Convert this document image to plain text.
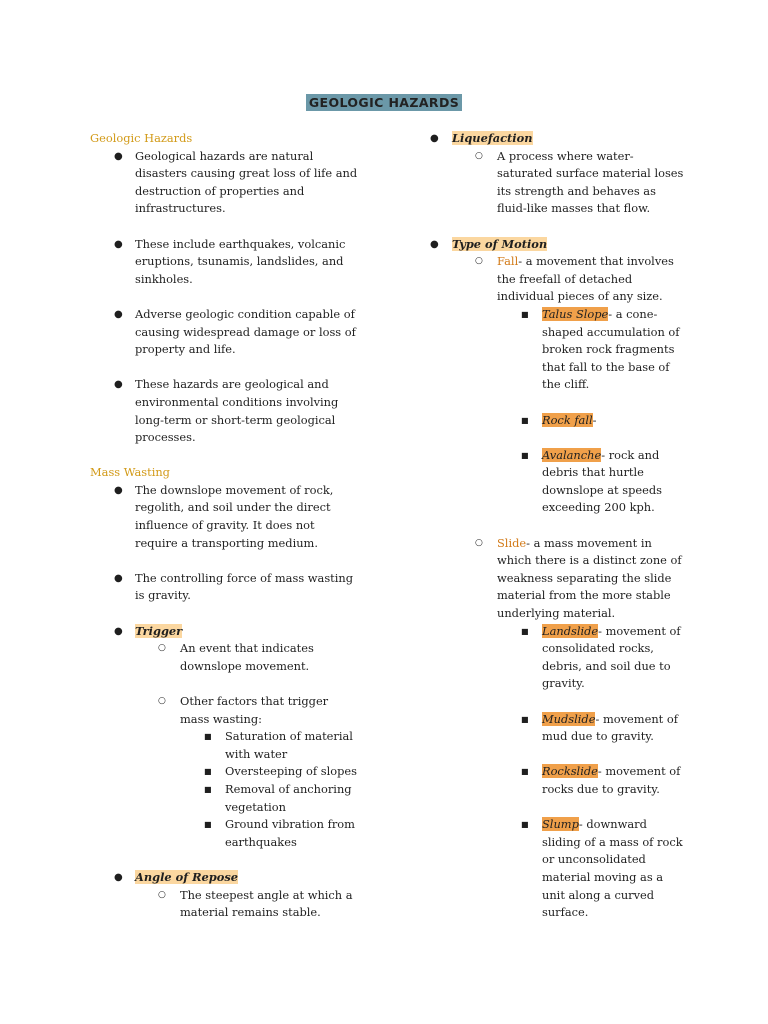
GEOLOGIC HAZARDS

Geologic Hazards

● Geological hazards are natural disasters causing great loss of life and destruction of properties and infrastructures.
● These include earthquakes, volcanic eruptions, tsunamis, landslides, and sinkholes.
● Adverse geologic condition capable of causing widespread damage or loss of property and life.
● These hazards are geological and environmental conditions involving long-term or short-term geological processes.

Mass Wasting

● The downslope movement of rock, regolith, and soil under the direct influence of gravity. It does not require a transporting medium.
● The controlling force of mass wasting is gravity.
● Trigger
○ An event that indicates downslope movement.
○ Other factors that trigger mass wasting:
■ Saturation of material with water
■ Oversteeping of slopes
■ Removal of anchoring vegetation
■ Ground vibration from earthquakes
● Angle of Repose
○ The steepest angle at which a material remains stable.
● Liquefaction
○ A process where water-saturated surface material loses its strength and behaves as fluid-like masses that flow.
● Type of Motion
○ Fall- a movement that involves the freefall of detached individual pieces of any size.
■ Talus Slope- a cone-shaped accumulation of broken rock fragments that fall to the base of the cliff.
■ Rock fall-
■ Avalanche- rock and debris that hurtle downslope at speeds exceeding 200 kph.
○ Slide- a mass movement in which there is a distinct zone of weakness separating the slide material from the more stable underlying material.
■ Landslide- movement of consolidated rocks, debris, and soil due to gravity.
■ Mudslide- movement of mud due to gravity.
■ Rockslide- movement of rocks due to gravity.
■ Slump- downward sliding of a mass of rock or unconsolidated material moving as a unit along a curved surface.
